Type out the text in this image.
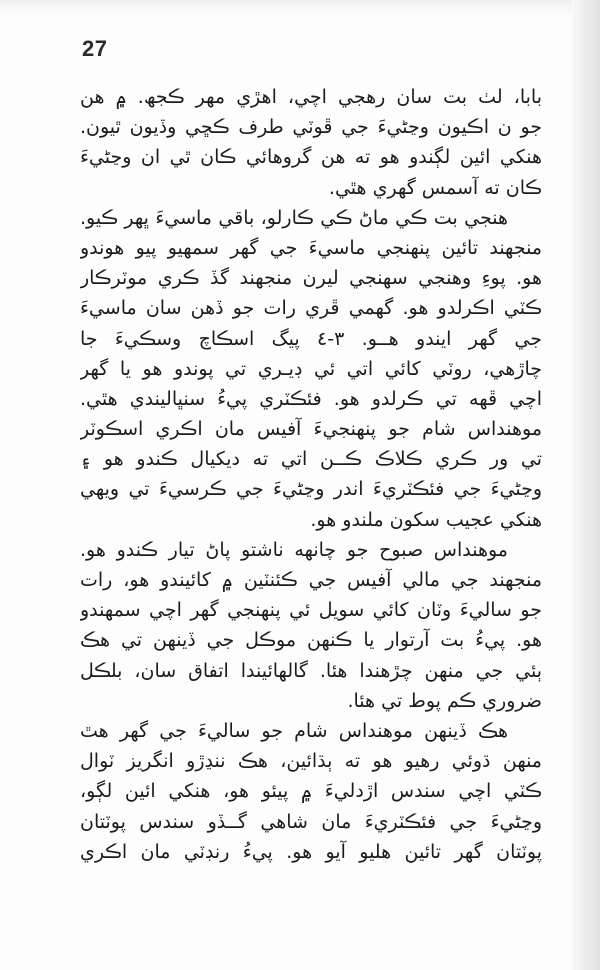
27
بابا، لٺ بت سان رهجي اچي، اهڙي مهر ڪجھ. ۾ هن
جو ن اڪيون وڃڻيءَ جي ڦوٽي طرف ڪڇي وڏيون ٿيون.
هنکي ائين لڳندو هو ته هن گروهائي ڪان ٿي ان وڃڻيءَ
ڪان ته آسمس گهري هٿي.
هنجي بت ڪي ماڻ ڪي ڪارلو، باقي ماسيءَ ڀهر ڪيو.
منجهند تائين پنهنجي ماسيءَ جي گهر سمهيو پيو هوندو
هو. پوءِ وهنجي سهنجي ليرن منجهند گڏ ڪري موٽرڪار
ڪٽي اڪرلدو هو. گهمي ڦري رات جو ڏهن سان ماسيءَ
جي گهر ايندو هــو. ٣-٤ پيگ اسڪاچ وسڪيءَ جا
چاڙهي، روٽي کائي اتي ئي ڊيـري تي پوندو هو يا گهر
اچي ڦهه تي ڪرلدو هو. فئڪٽري پيءُ سنڀاليندي هٿي.
موهنداس شام جو پنهنجيءَ آفيس مان اڪري اسڪوٽر
تي ور ڪري ڪلاڪ ڪــن اتي ته ديکيال ڪندو هو ۽
وڃڻيءَ جي فئڪٽريءَ اندر وڃڻيءَ جي ڪرسيءَ تي ويهي
هنکي عجيب سکون ملندو هو.
موهنداس صبوح جو چانهه ناشتو پاڻ تيار ڪندو هو.
منجهند جي مالي آفيس جي ڪئنٽين ۾ کائيندو هو، رات
جو ساليءَ وٽان کائي سويل ئي پنهنجي گهر اچي سمهندو
هو. پيءُ بت آرتوار يا ڪنهن موڪل جي ڏينهن تي هڪ
ٻئي جي منهن چڙهندا هئا. گالهائيندا اتفاق سان، بلڪل
ضروري ڪم پوط تي هئا.
هڪ ڏينهن موهنداس شام جو ساليءَ جي گهر هٿ
منهن ڌوئي رهيو هو ته ٻڌائين، هڪ ننڍڙو انگريز ٽوال
ڪٽي اچي سندس اڙدليءَ ۾ پيئو هو، هنکي ائين لڳو،
وڃڻيءَ جي فئڪٽريءَ مان شاهي گــڏو سندس پوٽتان
پوٽتان گهر تائين هليو آيو هو. پيءُ رنڊٽي مان اڪري
